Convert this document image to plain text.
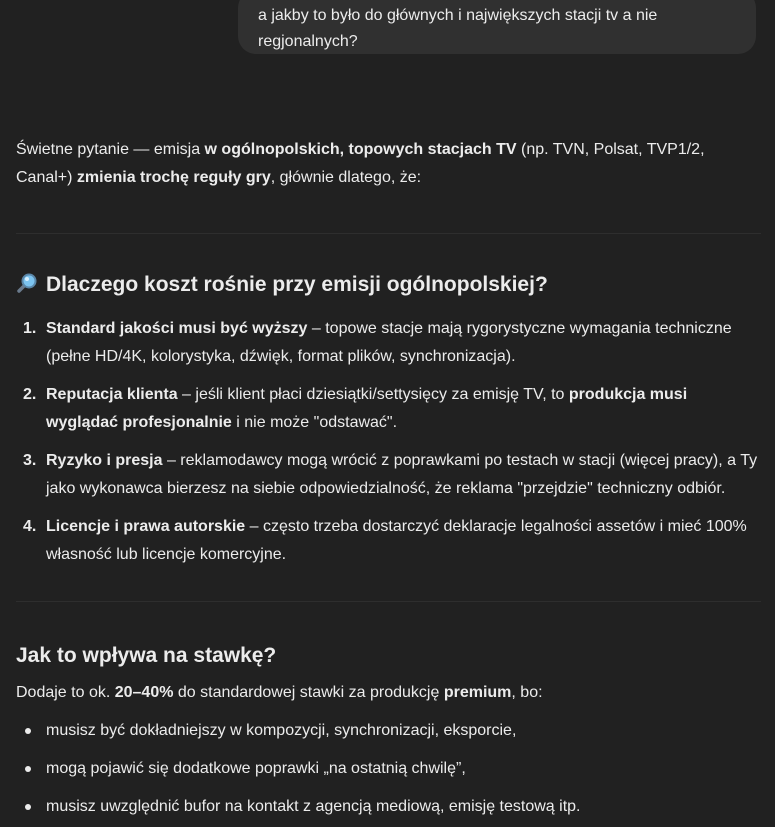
a jakby to było do głównych i największych stacji tv a nie regjonalnych?

Świetne pytanie — emisja w ogólnopolskich, topowych stacjach TV (np. TVN, Polsat, TVP1/2, Canal+) zmienia trochę reguły gry, głównie dlatego, że:

Dlaczego koszt rośnie przy emisji ogólnopolskiej?
1. Standard jakości musi być wyższy – topowe stacje mają rygorystyczne wymagania techniczne (pełne HD/4K, kolorystyka, dźwięk, format plików, synchronizacja).
2. Reputacja klienta – jeśli klient płaci dziesiątki/settysięcy za emisję TV, to produkcja musi wyglądać profesjonalnie i nie może "odstawać".
3. Ryzyko i presja – reklamodawcy mogą wrócić z poprawkami po testach w stacji (więcej pracy), a Ty jako wykonawca bierzesz na siebie odpowiedzialność, że reklama "przejdzie" techniczny odbiór.
4. Licencje i prawa autorskie – często trzeba dostarczyć deklaracje legalności assetów i mieć 100% własność lub licencje komercyjne.
Jak to wpływa na stawkę?

Dodaje to ok. 20–40% do standardowej stawki za produkcję premium, bo:

musisz być dokładniejszy w kompozycji, synchronizacji, eksporcie,
mogą pojawić się dodatkowe poprawki „na ostatnią chwilę”,
musisz uwzględnić bufor na kontakt z agencją mediową, emisję testową itp.
